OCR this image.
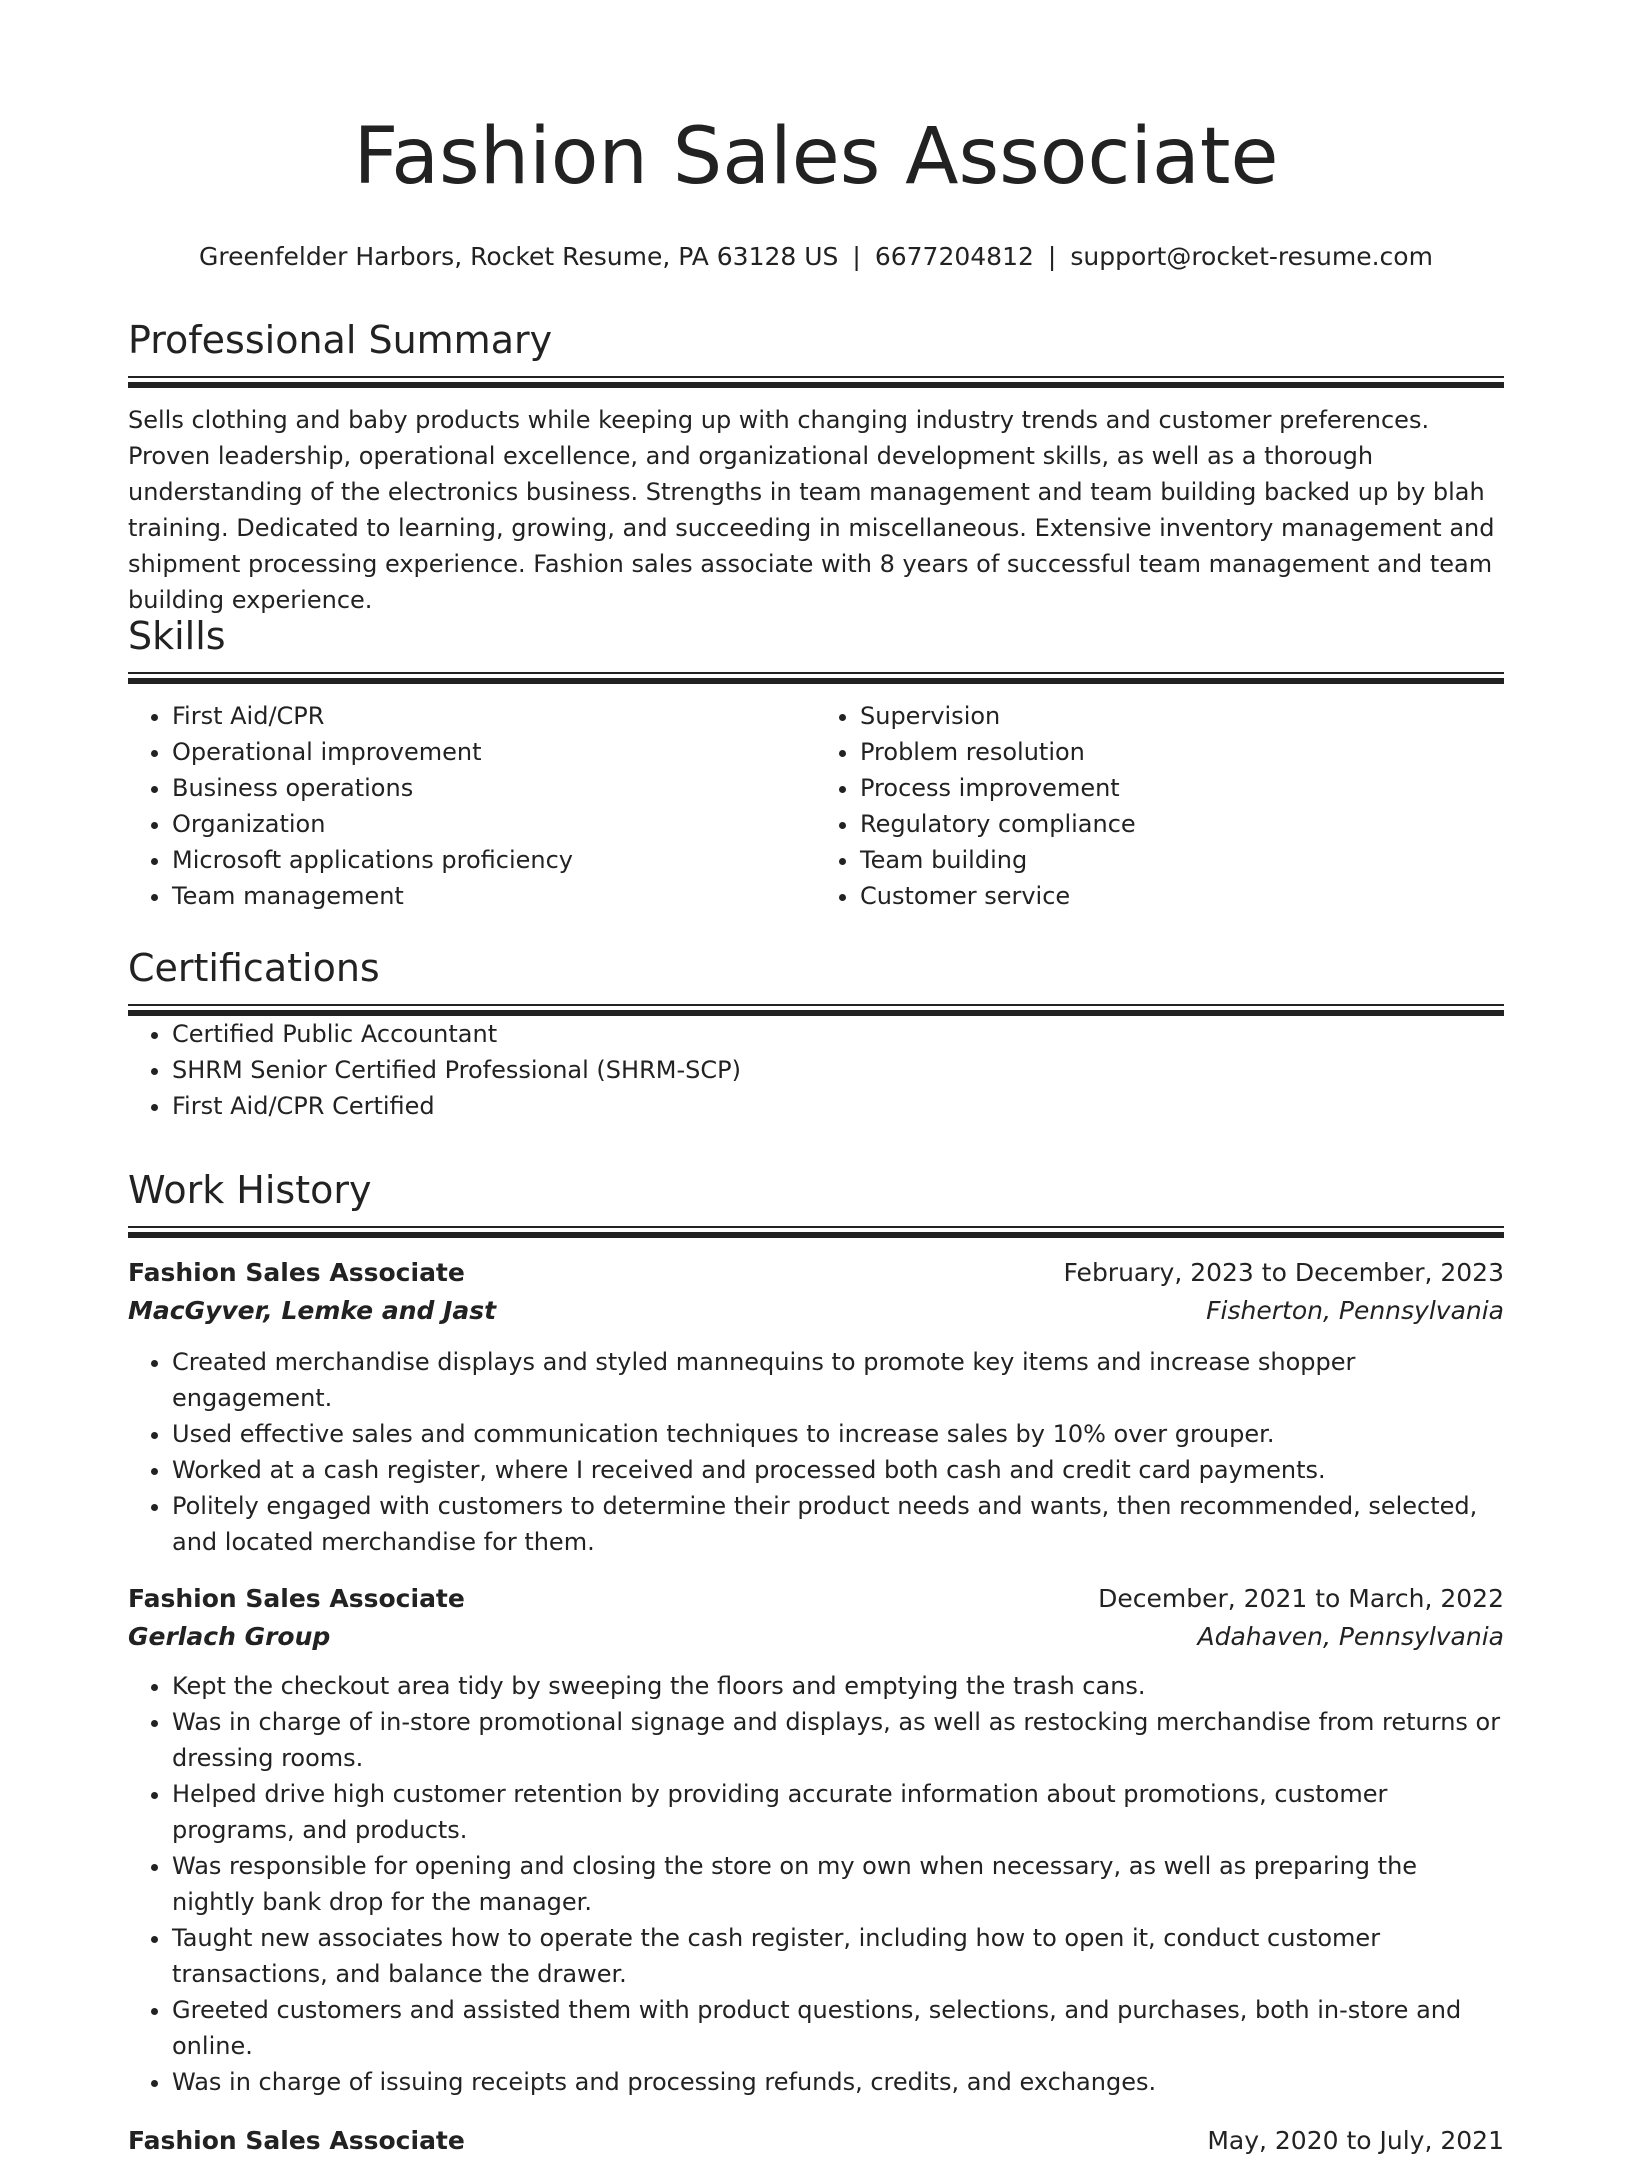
Fashion Sales Associate
Greenfelder Harbors, Rocket Resume, PA 63128 US | 6677204812 | support@rocket-resume.com
Professional Summary
Sells clothing and baby products while keeping up with changing industry trends and customer preferences. Proven leadership, operational excellence, and organizational development skills, as well as a thorough understanding of the electronics business. Strengths in team management and team building backed up by blah training. Dedicated to learning, growing, and succeeding in miscellaneous. Extensive inventory management and shipment processing experience. Fashion sales associate with 8 years of successful team management and team building experience.
Skills
• First Aid/CPR
• Operational improvement
• Business operations
• Organization
• Microsoft applications proficiency
• Team management
• Supervision
• Problem resolution
• Process improvement
• Regulatory compliance
• Team building
• Customer service
Certifications
• Certified Public Accountant
• SHRM Senior Certified Professional (SHRM-SCP)
• First Aid/CPR Certified
Work History
Fashion Sales Associate	February, 2023 to December, 2023
MacGyver, Lemke and Jast	Fisherton, Pennsylvania
• Created merchandise displays and styled mannequins to promote key items and increase shopper engagement.
• Used effective sales and communication techniques to increase sales by 10% over grouper.
• Worked at a cash register, where I received and processed both cash and credit card payments.
• Politely engaged with customers to determine their product needs and wants, then recommended, selected, and located merchandise for them.
Fashion Sales Associate	December, 2021 to March, 2022
Gerlach Group	Adahaven, Pennsylvania
• Kept the checkout area tidy by sweeping the floors and emptying the trash cans.
• Was in charge of in-store promotional signage and displays, as well as restocking merchandise from returns or dressing rooms.
• Helped drive high customer retention by providing accurate information about promotions, customer programs, and products.
• Was responsible for opening and closing the store on my own when necessary, as well as preparing the nightly bank drop for the manager.
• Taught new associates how to operate the cash register, including how to open it, conduct customer transactions, and balance the drawer.
• Greeted customers and assisted them with product questions, selections, and purchases, both in-store and online.
• Was in charge of issuing receipts and processing refunds, credits, and exchanges.
Fashion Sales Associate	May, 2020 to July, 2021
